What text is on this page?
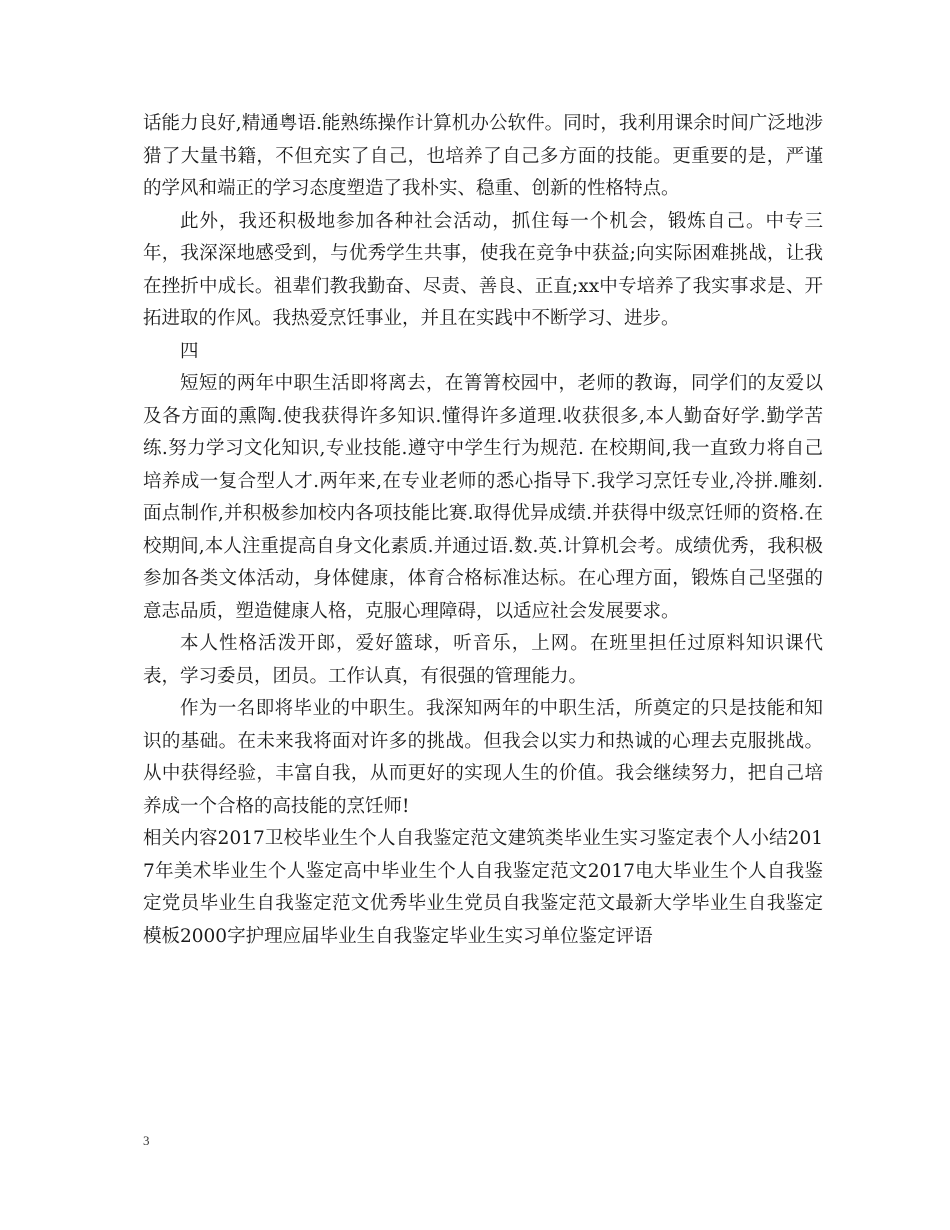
话能力良好,精通粤语.能熟练操作计算机办公软件。同时，我利用课余时间广泛地涉猎了大量书籍，不但充实了自己，也培养了自己多方面的技能。更重要的是，严谨的学风和端正的学习态度塑造了我朴实、稳重、创新的性格特点。

此外，我还积极地参加各种社会活动，抓住每一个机会，锻炼自己。中专三年，我深深地感受到，与优秀学生共事，使我在竞争中获益;向实际困难挑战，让我在挫折中成长。祖辈们教我勤奋、尽责、善良、正直;xx中专培养了我实事求是、开拓进取的作风。我热爱烹饪事业，并且在实践中不断学习、进步。

四

短短的两年中职生活即将离去，在箐箐校园中，老师的教诲，同学们的友爱以及各方面的熏陶.使我获得许多知识.懂得许多道理.收获很多,本人勤奋好学.勤学苦练.努力学习文化知识,专业技能.遵守中学生行为规范. 在校期间,我一直致力将自己培养成一复合型人才.两年来,在专业老师的悉心指导下.我学习烹饪专业,冷拼.雕刻.面点制作,并积极参加校内各项技能比赛.取得优异成绩.并获得中级烹饪师的资格.在校期间,本人注重提高自身文化素质.并通过语.数.英.计算机会考。成绩优秀，我积极参加各类文体活动，身体健康，体育合格标准达标。在心理方面，锻炼自己坚强的意志品质，塑造健康人格，克服心理障碍，以适应社会发展要求。

本人性格活泼开郎，爱好篮球，听音乐，上网。在班里担任过原料知识课代表，学习委员，团员。工作认真，有很强的管理能力。

作为一名即将毕业的中职生。我深知两年的中职生活，所奠定的只是技能和知识的基础。在未来我将面对许多的挑战。但我会以实力和热诚的心理去克服挑战。从中获得经验，丰富自我，从而更好的实现人生的价值。我会继续努力，把自己培养成一个合格的高技能的烹饪师!

相关内容2017卫校毕业生个人自我鉴定范文建筑类毕业生实习鉴定表个人小结2017年美术毕业生个人鉴定高中毕业生个人自我鉴定范文2017电大毕业生个人自我鉴定党员毕业生自我鉴定范文优秀毕业生党员自我鉴定范文最新大学毕业生自我鉴定模板2000字护理应届毕业生自我鉴定毕业生实习单位鉴定评语

3
